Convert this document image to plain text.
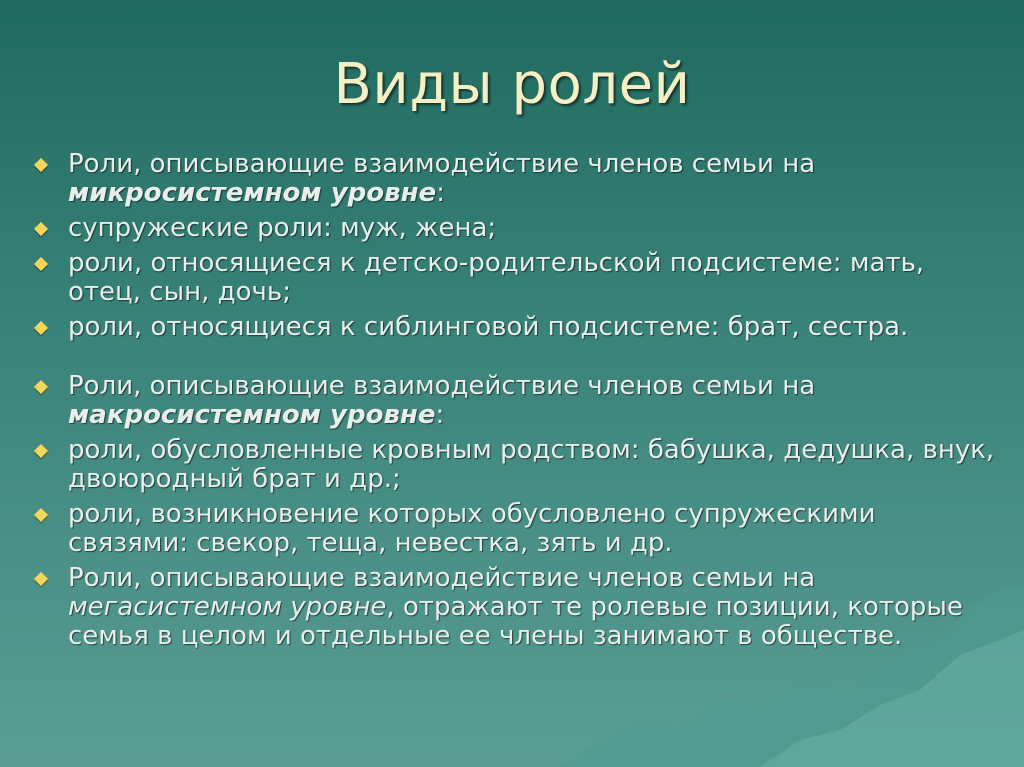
Виды ролей
Роли, описывающие взаимодействие членов семьи на микросистемном уровне:
супружеские роли: муж, жена;
роли, относящиеся к детско-родительской подсистеме: мать, отец, сын, дочь;
роли, относящиеся к сиблинговой подсистеме: брат, сестра.
Роли, описывающие взаимодействие членов семьи на макросистемном уровне:
роли, обусловленные кровным родством: бабушка, дедушка, внук, двоюродный брат и др.;
роли, возникновение которых обусловлено супружескими связями: свекор, теща, невестка, зять и др.
Роли, описывающие взаимодействие членов семьи на мегасистемном уровне, отражают те ролевые позиции, которые семья в целом и отдельные ее члены занимают в обществе.
